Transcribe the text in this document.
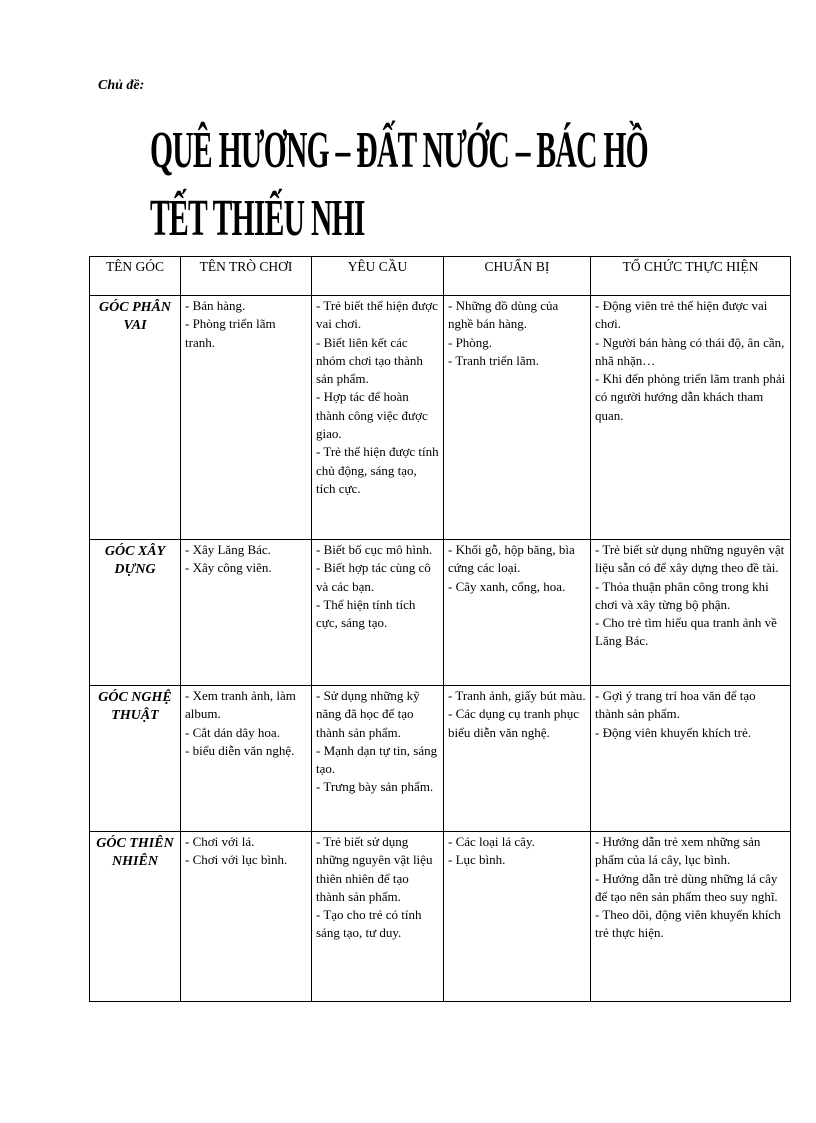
Chủ đề:
QUÊ HƯƠNG – ĐẤT NƯỚC – BÁC HỒ
TẾT THIẾU NHI
TÊN GÓC	TÊN TRÒ CHƠI	YÊU CẦU	CHUẨN BỊ	TỔ CHỨC THỰC HIỆN

GÓC PHÂN VAI	- Bán hàng.
- Phòng triển lãm tranh.	- Trẻ biết thể hiện được vai chơi.
- Biết liên kết các nhóm chơi tạo thành sản phẩm.
- Hợp tác để hoàn thành công việc được giao.
- Trẻ thể hiện được tính chủ động, sáng tạo, tích cực.	- Những đồ dùng của nghề bán hàng.
- Phòng.
- Tranh triển lãm.	- Động viên trẻ thể hiện được vai chơi.
- Người bán hàng có thái độ, ân cần, nhã nhặn…
- Khi đến phòng triển lãm tranh phải có người hướng dẫn khách tham quan.

GÓC XÂY DỰNG	- Xây Lăng Bác.
- Xây công viên.	- Biết bố cục mô hình.
- Biết hợp tác cùng cô và các bạn.
- Thể hiện tính tích cực, sáng tạo.	- Khối gỗ, hộp băng, bìa cứng các loại.
- Cây xanh, cổng, hoa.	- Trẻ biết sử dụng những nguyên vật liệu sẵn có để xây dựng theo đề tài.
- Thỏa thuận phân công trong khi chơi và xây từng bộ phận.
- Cho trẻ tìm hiểu qua tranh ảnh về Lăng Bác.

GÓC NGHỆ THUẬT	- Xem tranh ảnh, làm album.
- Cắt dán dây hoa.
- biểu diễn văn nghệ.	- Sử dụng những kỹ năng đã học để tạo thành sản phẩm.
- Mạnh dạn tự tin, sáng tạo.
- Trưng bày sản phẩm.	- Tranh ảnh, giấy bút màu.
- Các dụng cụ tranh phục biểu diễn văn nghệ.	- Gợi ý trang trí hoa văn để tạo thành sản phẩm.
- Động viên khuyến khích trẻ.

GÓC THIÊN NHIÊN	- Chơi với lá.
- Chơi với lục bình.	- Trẻ biết sử dụng những nguyên vật liệu thiên nhiên để tạo thành sản phẩm.
- Tạo cho trẻ có tính sáng tạo, tư duy.	- Các loại lá cây.
- Lục bình.	- Hướng dẫn trẻ xem những sản phẩm của lá cây, lục bình.
- Hướng dẫn trẻ dùng những lá cây để tạo nên sản phẩm theo suy nghĩ.
- Theo dõi, động viên khuyến khích trẻ thực hiện.
